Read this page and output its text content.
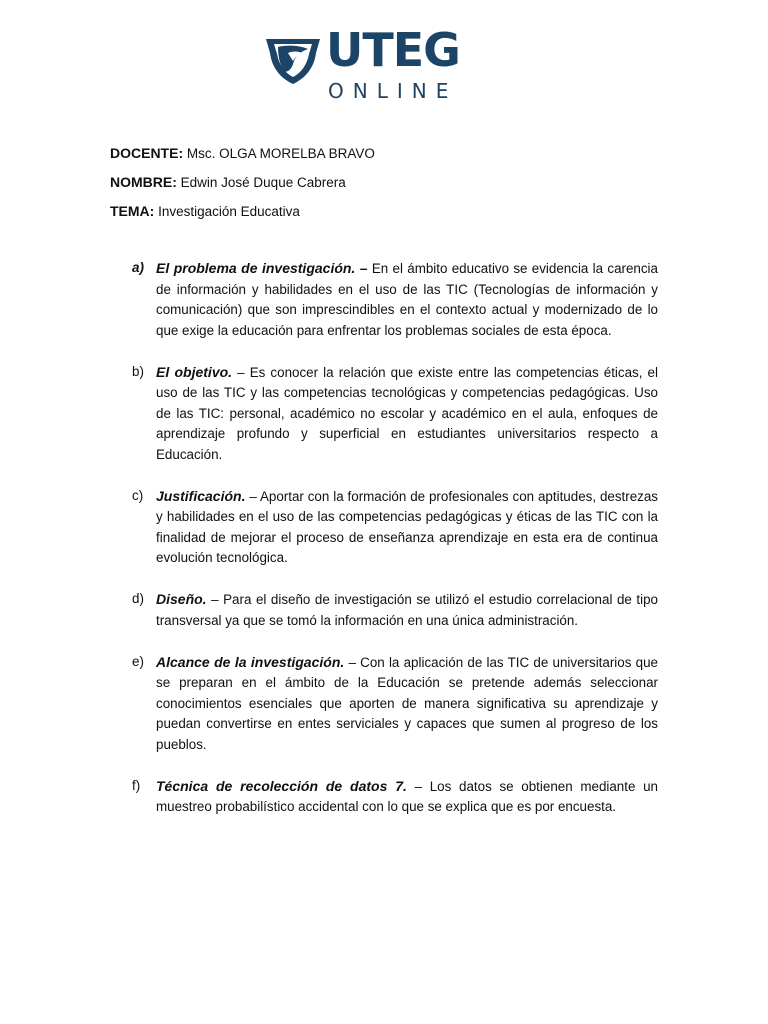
UTEG
ONLINE
DOCENTE: Msc. OLGA MORELBA BRAVO
NOMBRE: Edwin José Duque Cabrera
TEMA: Investigación Educativa
a) El problema de investigación. – En el ámbito educativo se evidencia la carencia de información y habilidades en el uso de las TIC (Tecnologías de información y comunicación) que son imprescindibles en el contexto actual y modernizado de lo que exige la educación para enfrentar los problemas sociales de esta época.
b) El objetivo. – Es conocer la relación que existe entre las competencias éticas, el uso de las TIC y las competencias tecnológicas y competencias pedagógicas. Uso de las TIC: personal, académico no escolar y académico en el aula, enfoques de aprendizaje profundo y superficial en estudiantes universitarios respecto a Educación.
c) Justificación. – Aportar con la formación de profesionales con aptitudes, destrezas y habilidades en el uso de las competencias pedagógicas y éticas de las TIC con la finalidad de mejorar el proceso de enseñanza aprendizaje en esta era de continua evolución tecnológica.
d) Diseño. – Para el diseño de investigación se utilizó el estudio correlacional de tipo transversal ya que se tomó la información en una única administración.
e) Alcance de la investigación. – Con la aplicación de las TIC de universitarios que se preparan en el ámbito de la Educación se pretende además seleccionar conocimientos esenciales que aporten de manera significativa su aprendizaje y puedan convertirse en entes serviciales y capaces que sumen al progreso de los pueblos.
f) Técnica de recolección de datos 7. – Los datos se obtienen mediante un muestreo probabilístico accidental con lo que se explica que es por encuesta.
